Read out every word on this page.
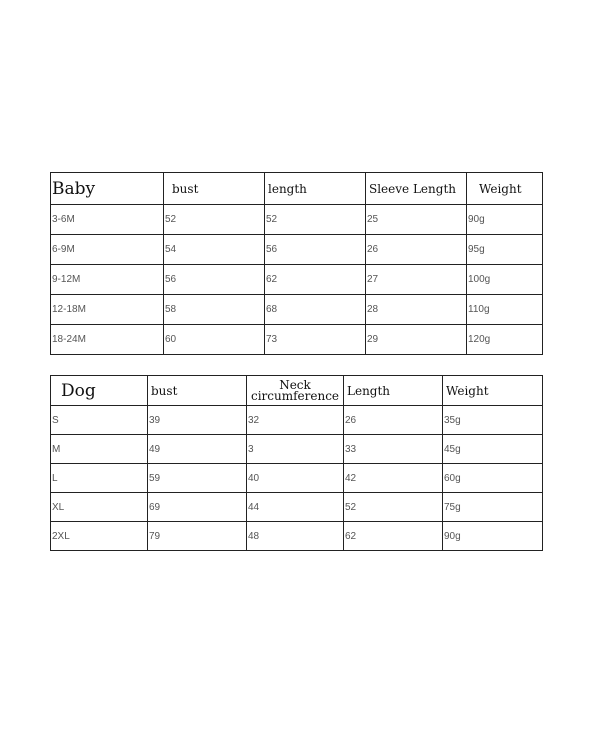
Baby	bust	length	Sleeve Length	Weight
3-6M	52	52	25	90g
6-9M	54	56	26	95g
9-12M	56	62	27	100g
12-18M	58	68	28	110g
18-24M	60	73	29	120g
Dog	bust	Neck circumference	Length	Weight
S	39	32	26	35g
M	49	3	33	45g
L	59	40	42	60g
XL	69	44	52	75g
2XL	79	48	62	90g
